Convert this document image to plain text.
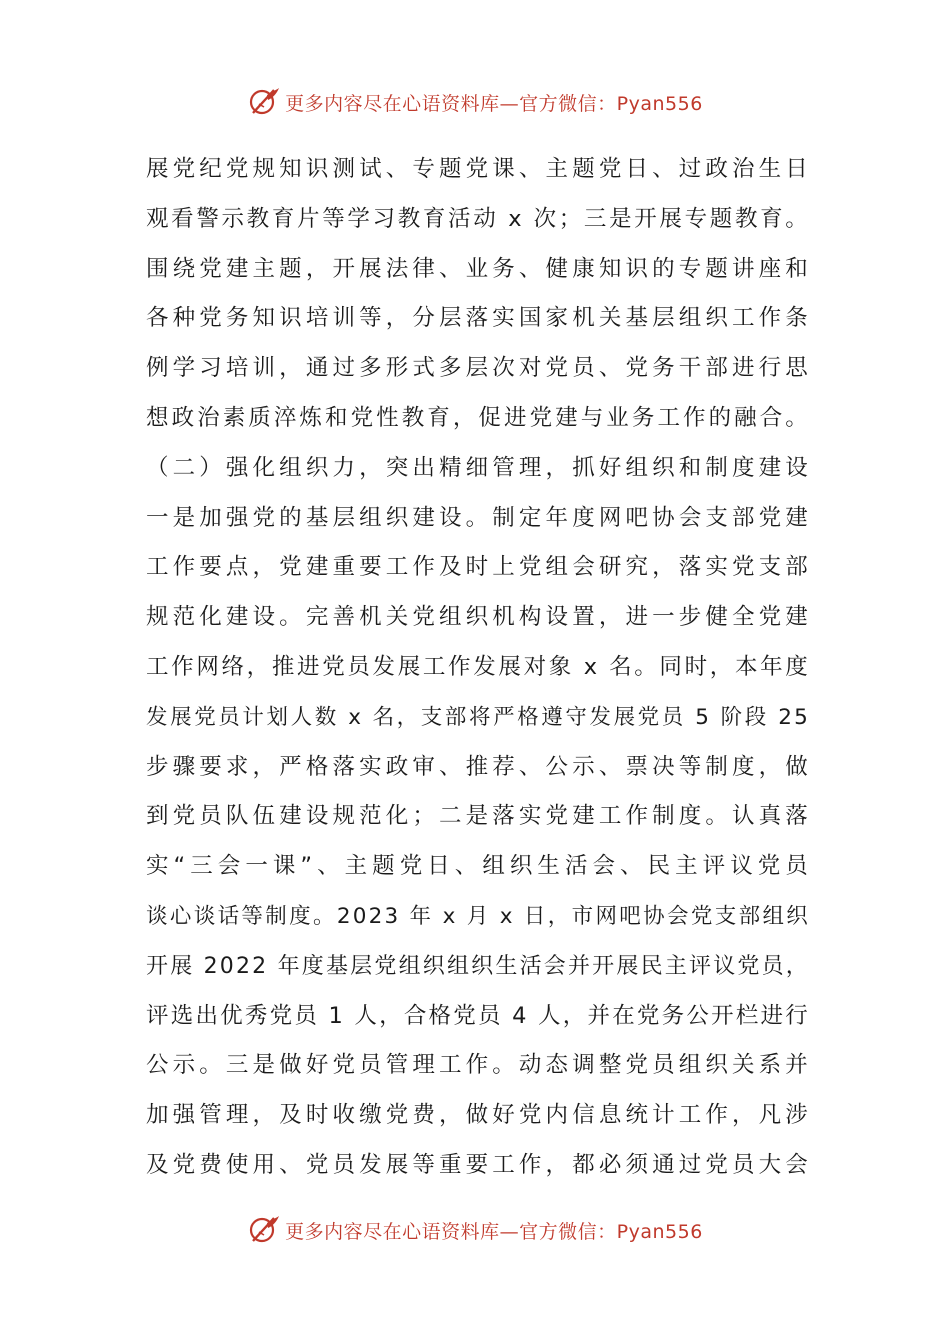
更多内容尽在心语资料库—官方微信：Pyan556
展党纪党规知识测试、专题党课、主题党日、过政治生日
观看警示教育片等学习教育活动 x 次；三是开展专题教育。
围绕党建主题，开展法律、业务、健康知识的专题讲座和
各种党务知识培训等，分层落实国家机关基层组织工作条
例学习培训，通过多形式多层次对党员、党务干部进行思
想政治素质淬炼和党性教育，促进党建与业务工作的融合。
（二）强化组织力，突出精细管理，抓好组织和制度建设
一是加强党的基层组织建设。制定年度网吧协会支部党建
工作要点，党建重要工作及时上党组会研究，落实党支部
规范化建设。完善机关党组织机构设置，进一步健全党建
工作网络，推进党员发展工作发展对象 x 名。同时，本年度
发展党员计划人数 x 名，支部将严格遵守发展党员 5 阶段 25
步骤要求，严格落实政审、推荐、公示、票决等制度，做
到党员队伍建设规范化；二是落实党建工作制度。认真落
实“三会一课”、主题党日、组织生活会、民主评议党员
谈心谈话等制度。2023 年 x 月 x 日，市网吧协会党支部组织
开展 2022 年度基层党组织组织生活会并开展民主评议党员，
评选出优秀党员 1 人，合格党员 4 人，并在党务公开栏进行
公示。三是做好党员管理工作。动态调整党员组织关系并
加强管理，及时收缴党费，做好党内信息统计工作，凡涉
及党费使用、党员发展等重要工作，都必须通过党员大会
更多内容尽在心语资料库—官方微信：Pyan556
